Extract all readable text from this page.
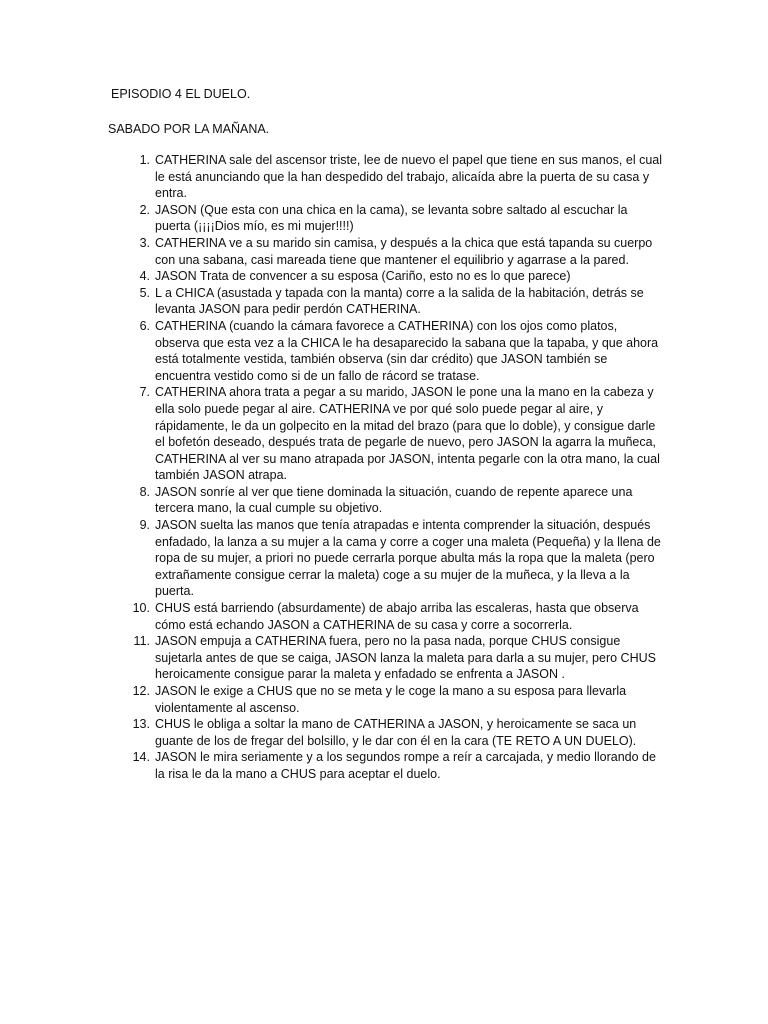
EPISODIO 4 EL DUELO.
SABADO POR LA MAÑANA.
1. CATHERINA sale del ascensor triste, lee de nuevo el papel que tiene en sus manos, el cual le está anunciando que la han despedido del trabajo, alicaída abre la puerta de su casa y entra.
2. JASON (Que esta con una chica en la cama), se levanta sobre saltado al escuchar la puerta (¡¡¡¡Dios mío, es mi mujer!!!!)
3. CATHERINA ve a su marido sin camisa, y después a la chica que está tapanda su cuerpo con una sabana, casi mareada tiene que mantener el equilibrio y agarrase a la pared.
4. JASON Trata de convencer a su esposa (Cariño, esto no es lo que parece)
5. L a CHICA (asustada y tapada con la manta) corre a la salida de la habitación, detrás se levanta JASON para pedir perdón CATHERINA.
6. CATHERINA (cuando la cámara favorece a CATHERINA) con los ojos como platos, observa que esta vez a la CHICA le ha desaparecido la sabana que la tapaba, y que ahora está totalmente vestida, también observa (sin dar crédito) que JASON también se encuentra vestido como si de un fallo de rácord se tratase.
7. CATHERINA ahora trata a pegar a su marido, JASON le pone una la mano en la cabeza y ella solo puede pegar al aire. CATHERINA ve por qué solo puede pegar al aire, y rápidamente, le da un golpecito en la mitad del brazo (para que lo doble), y consigue darle el bofetón deseado, después trata de pegarle de nuevo, pero JASON la agarra la muñeca, CATHERINA al ver su mano atrapada por JASON, intenta pegarle con la otra mano, la cual también JASON atrapa.
8. JASON sonríe al ver que tiene dominada la situación, cuando de repente aparece una tercera mano, la cual cumple su objetivo.
9. JASON suelta las manos que tenía atrapadas e intenta comprender la situación, después enfadado, la lanza a su mujer a la cama y corre a coger una maleta (Pequeña) y la llena de ropa de su mujer, a priori no puede cerrarla porque abulta más la ropa que la maleta (pero extrañamente consigue cerrar la maleta) coge a su mujer de la muñeca, y la lleva a la puerta.
10. CHUS está barriendo (absurdamente) de abajo arriba las escaleras, hasta que observa cómo está echando JASON a CATHERINA de su casa y corre a socorrerla.
11. JASON empuja a CATHERINA fuera, pero no la pasa nada, porque CHUS consigue sujetarla antes de que se caiga, JASON lanza la maleta para darla a su mujer, pero CHUS heroicamente consigue parar la maleta y enfadado se enfrenta a JASON .
12. JASON le exige a CHUS que no se meta y le coge la mano a su esposa para llevarla violentamente al ascenso.
13. CHUS le obliga a soltar la mano de CATHERINA a JASON, y heroicamente se saca un guante de los de fregar del bolsillo, y le dar con él en la cara (TE RETO A UN DUELO).
14. JASON le mira seriamente y a los segundos rompe a reír a carcajada, y medio llorando de la risa le da la mano a CHUS para aceptar el duelo.
